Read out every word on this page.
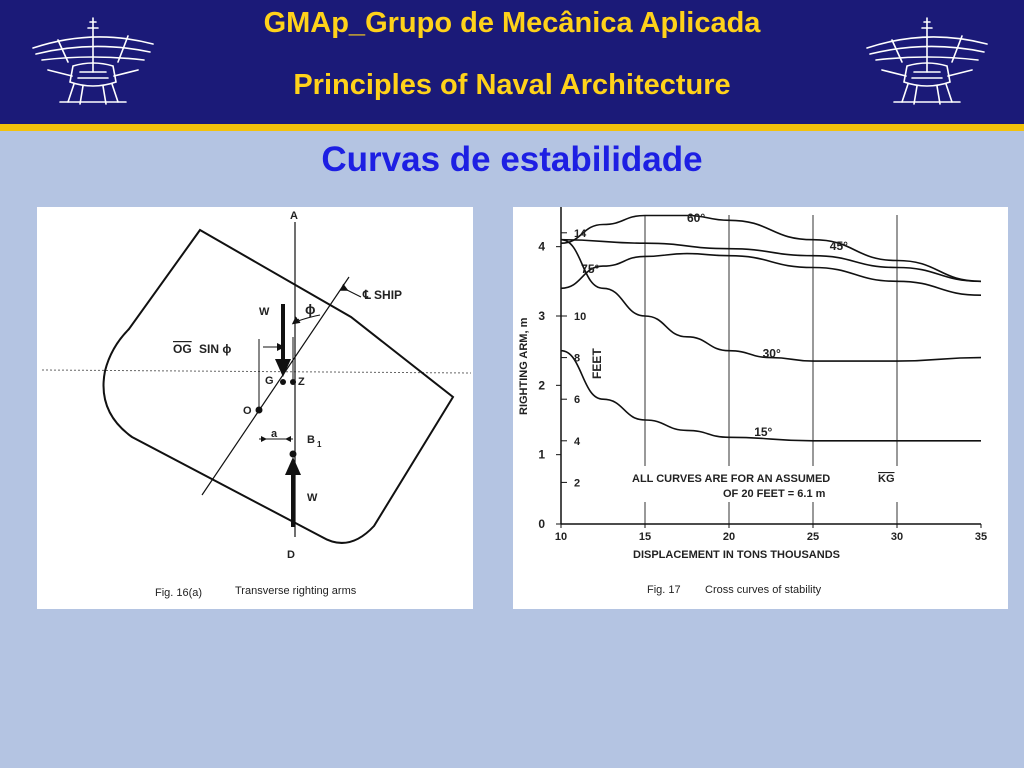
GMAp_Grupo de Mecânica Aplicada
Principles of Naval Architecture
Curvas de estabilidade
A
D
W
W
ϕ
℄ SHIP
OG SIN ϕ
G Z
O
a	B 1
Fig. 16(a)	Transverse righting arms
60°
45°
75°
30°
15°
10	15	20	25	30	35
0
1
2
3
4
2
4
6
8
10
14
RIGHTING ARM, m	FEET
DISPLACEMENT IN TONS THOUSANDS
ALL CURVES ARE FOR AN ASSUMED	KG
OF 20 FEET = 6.1 m
Fig. 17 Cross curves of stability
